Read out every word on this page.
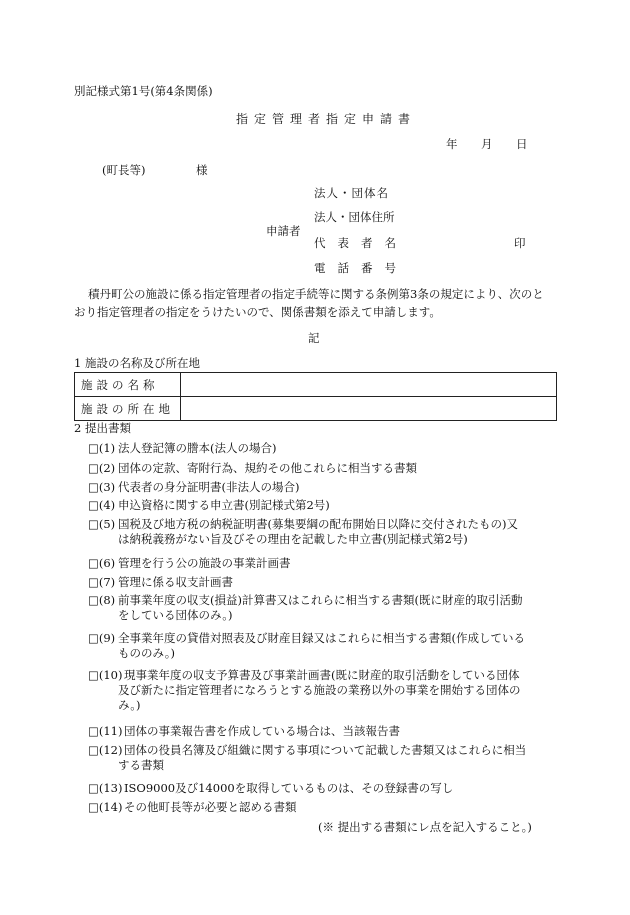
別記様式第1号(第4条関係)
指定管理者指定申請書
年 月 日
(町長等)	様
申請者
法人・団体名
法人・団体住所
代表者名	印
電話番号
積丹町公の施設に係る指定管理者の指定手続等に関する条例第3条の規定により、次のと
おり指定管理者の指定をうけたいので、関係書類を添えて申請します。
記
1 施設の名称及び所在地
施設の名称	
施設の所在地	
2 提出書類
□(1) 法人登記簿の謄本(法人の場合)
□(2) 団体の定款、寄附行為、規約その他これらに相当する書類
□(3) 代表者の身分証明書(非法人の場合)
□(4) 申込資格に関する申立書(別記様式第2号)
□(5) 国税及び地方税の納税証明書(募集要綱の配布開始日以降に交付されたもの)又
は納税義務がない旨及びその理由を記載した申立書(別記様式第2号)
□(6) 管理を行う公の施設の事業計画書
□(7) 管理に係る収支計画書
□(8) 前事業年度の収支(損益)計算書又はこれらに相当する書類(既に財産的取引活動
をしている団体のみ。)
□(9) 全事業年度の貸借対照表及び財産目録又はこれらに相当する書類(作成している
もののみ。)
□(10) 現事業年度の収支予算書及び事業計画書(既に財産的取引活動をしている団体
及び新たに指定管理者になろうとする施設の業務以外の事業を開始する団体の
み。)
□(11) 団体の事業報告書を作成している場合は、当該報告書
□(12) 団体の役員名簿及び組織に関する事項について記載した書類又はこれらに相当
する書類
□(13) ISO9000及び14000を取得しているものは、その登録書の写し
□(14) その他町長等が必要と認める書類
(※ 提出する書類にレ点を記入すること。)
